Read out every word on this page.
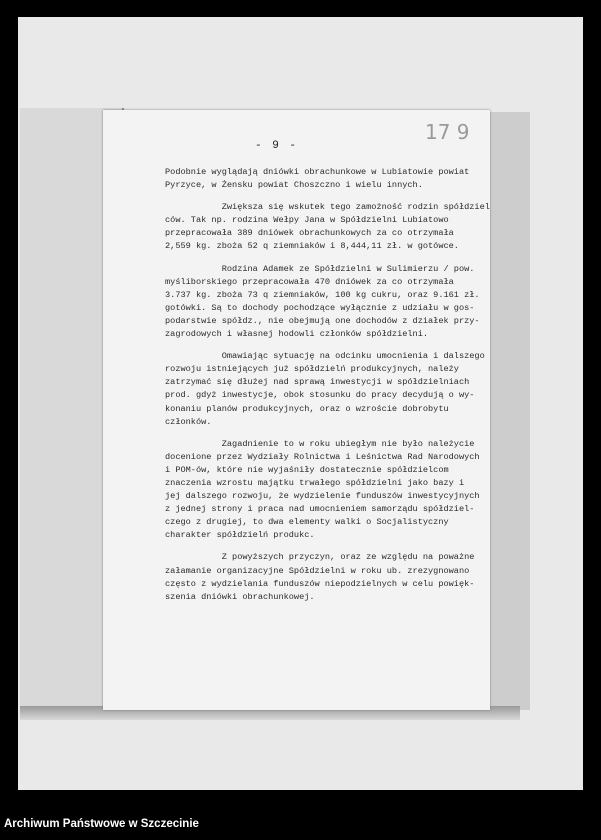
- 9 -
17 9
Podobnie wyglądają dniówki obrachunkowe w Lubiatowie powiat
Pyrzyce, w Żensku powiat Choszczno i wielu innych.
Zwiększa się wskutek tego zamożność rodzin spółdziel
ców. Tak np. rodzina Wełpy Jana w Spółdzielni Lubiatowo
przepracowała 389 dniówek obrachunkowych za co otrzymała
2,559 kg. zboża 52 q ziemniaków i 8,444,11 zł. w gotówce.
Rodzina Adamek ze Spółdzielni w Sulimierzu / pow.
myśliborskiego przepracowała 470 dniówek za co otrzymała
3.737 kg. zboża 73 q ziemniaków, 100 kg cukru, oraz 9.161 zł.
gotówki. Są to dochody pochodzące wyłącznie z udziału w gos-
podarstwie spółdz., nie obejmują one dochodów z działek przy-
zagrodowych i własnej hodowli członków spółdzielni.
Omawiając sytuację na odcinku umocnienia i dalszego
rozwoju istniejących już spółdzielń produkcyjnych, należy
zatrzymać się dłużej nad sprawą inwestycji w spółdzielniach
prod. gdyż inwestycje, obok stosunku do pracy decydują o wy-
konaniu planów produkcyjnych, oraz o wzroście dobrobytu
członków.
Zagadnienie to w roku ubiegłym nie było należycie
docenione przez Wydziały Rolnictwa i Leśnictwa Rad Narodowych
i POM-ów, które nie wyjaśniły dostatecznie spółdzielcom
znaczenia wzrostu majątku trwałego spółdzielni jako bazy i
jej dalszego rozwoju, że wydzielenie funduszów inwestycyjnych
z jednej strony i praca nad umocnieniem samorządu spółdziel-
czego z drugiej, to dwa elementy walki o Socjalistyczny
charakter spółdzielń produkc.
Z powyższych przyczyn, oraz ze względu na poważne
załamanie organizacyjne Spółdzielni w roku ub. zrezygnowano
często z wydzielania funduszów niepodzielnych w celu powięk-
szenia dniówki obrachunkowej.
Archiwum Państwowe w Szczecinie
